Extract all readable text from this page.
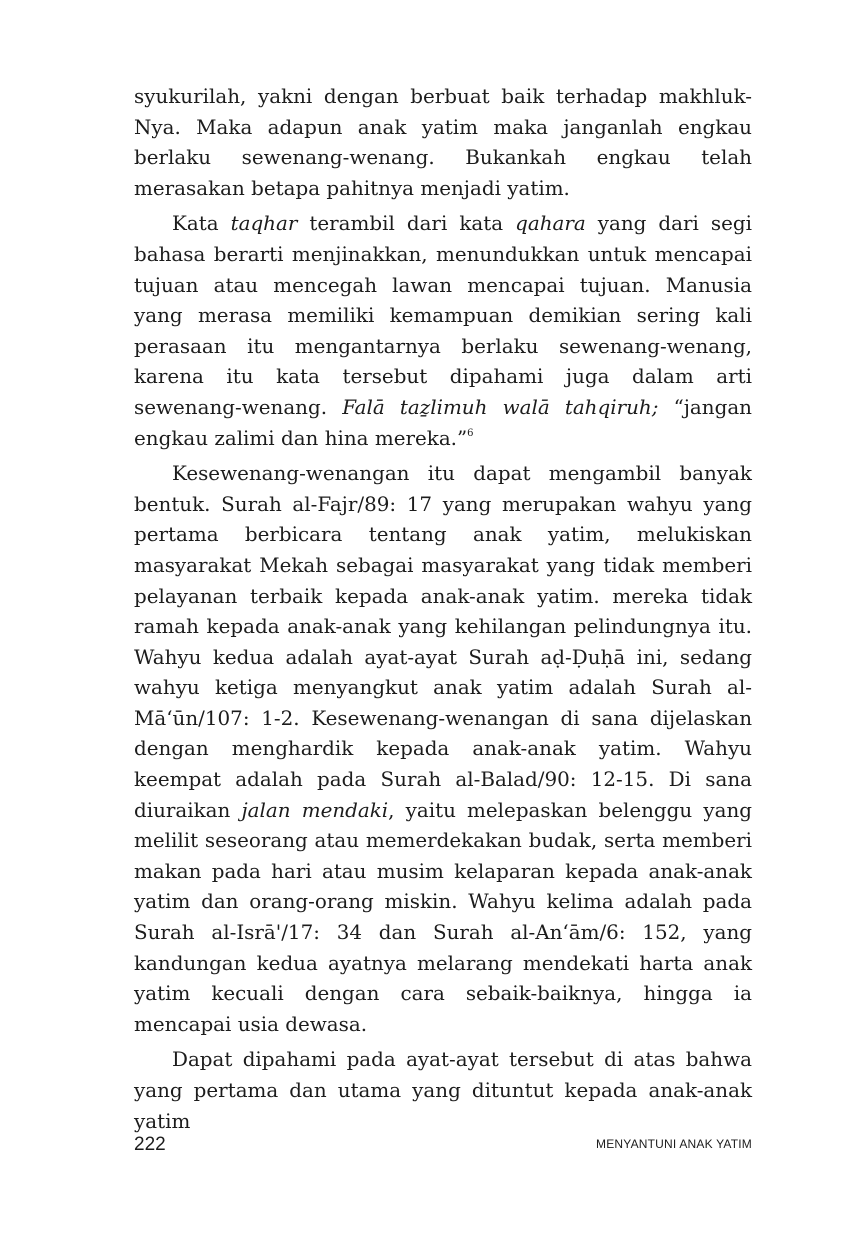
syukurilah, yakni dengan berbuat baik terhadap makhluk-Nya. Maka adapun anak yatim maka janganlah engkau berlaku sewenang-wenang. Bukankah engkau telah merasakan betapa pahitnya menjadi yatim.

Kata taqhar terambil dari kata qahara yang dari segi bahasa berarti menjinakkan, menundukkan untuk mencapai tujuan atau mencegah lawan mencapai tujuan. Manusia yang merasa memiliki kemampuan demikian sering kali perasaan itu mengantarnya berlaku sewenang-wenang, karena itu kata tersebut dipahami juga dalam arti sewenang-wenang. Falā taẕlimuh walā tahqiruh; “jangan engkau zalimi dan hina mereka.”$^6$

Kesewenang-wenangan itu dapat mengambil banyak bentuk. Surah al-Fajr/89: 17 yang merupakan wahyu yang pertama berbicara tentang anak yatim, melukiskan masyarakat Mekah sebagai masyarakat yang tidak memberi pelayanan terbaik kepada anak-anak yatim. mereka tidak ramah kepada anak-anak yang kehilangan pelindungnya itu. Wahyu kedua adalah ayat-ayat Surah aḍ-Ḍuḥā ini, sedang wahyu ketiga menyangkut anak yatim adalah Surah al-Mā‘ūn/107: 1-2. Kesewenang-wenangan di sana dijelaskan dengan menghardik kepada anak-anak yatim. Wahyu keempat adalah pada Surah al-Balad/90: 12-15. Di sana diuraikan jalan mendaki, yaitu melepaskan belenggu yang melilit seseorang atau memerdekakan budak, serta memberi makan pada hari atau musim kelaparan kepada anak-anak yatim dan orang-orang miskin. Wahyu kelima adalah pada Surah al-Isrā'/17: 34 dan Surah al-An‘ām/6: 152, yang kandungan kedua ayatnya melarang mendekati harta anak yatim kecuali dengan cara sebaik-baiknya, hingga ia mencapai usia dewasa.

Dapat dipahami pada ayat-ayat tersebut di atas bahwa yang pertama dan utama yang dituntut kepada anak-anak yatim

222	MENYANTUNI ANAK YATIM
